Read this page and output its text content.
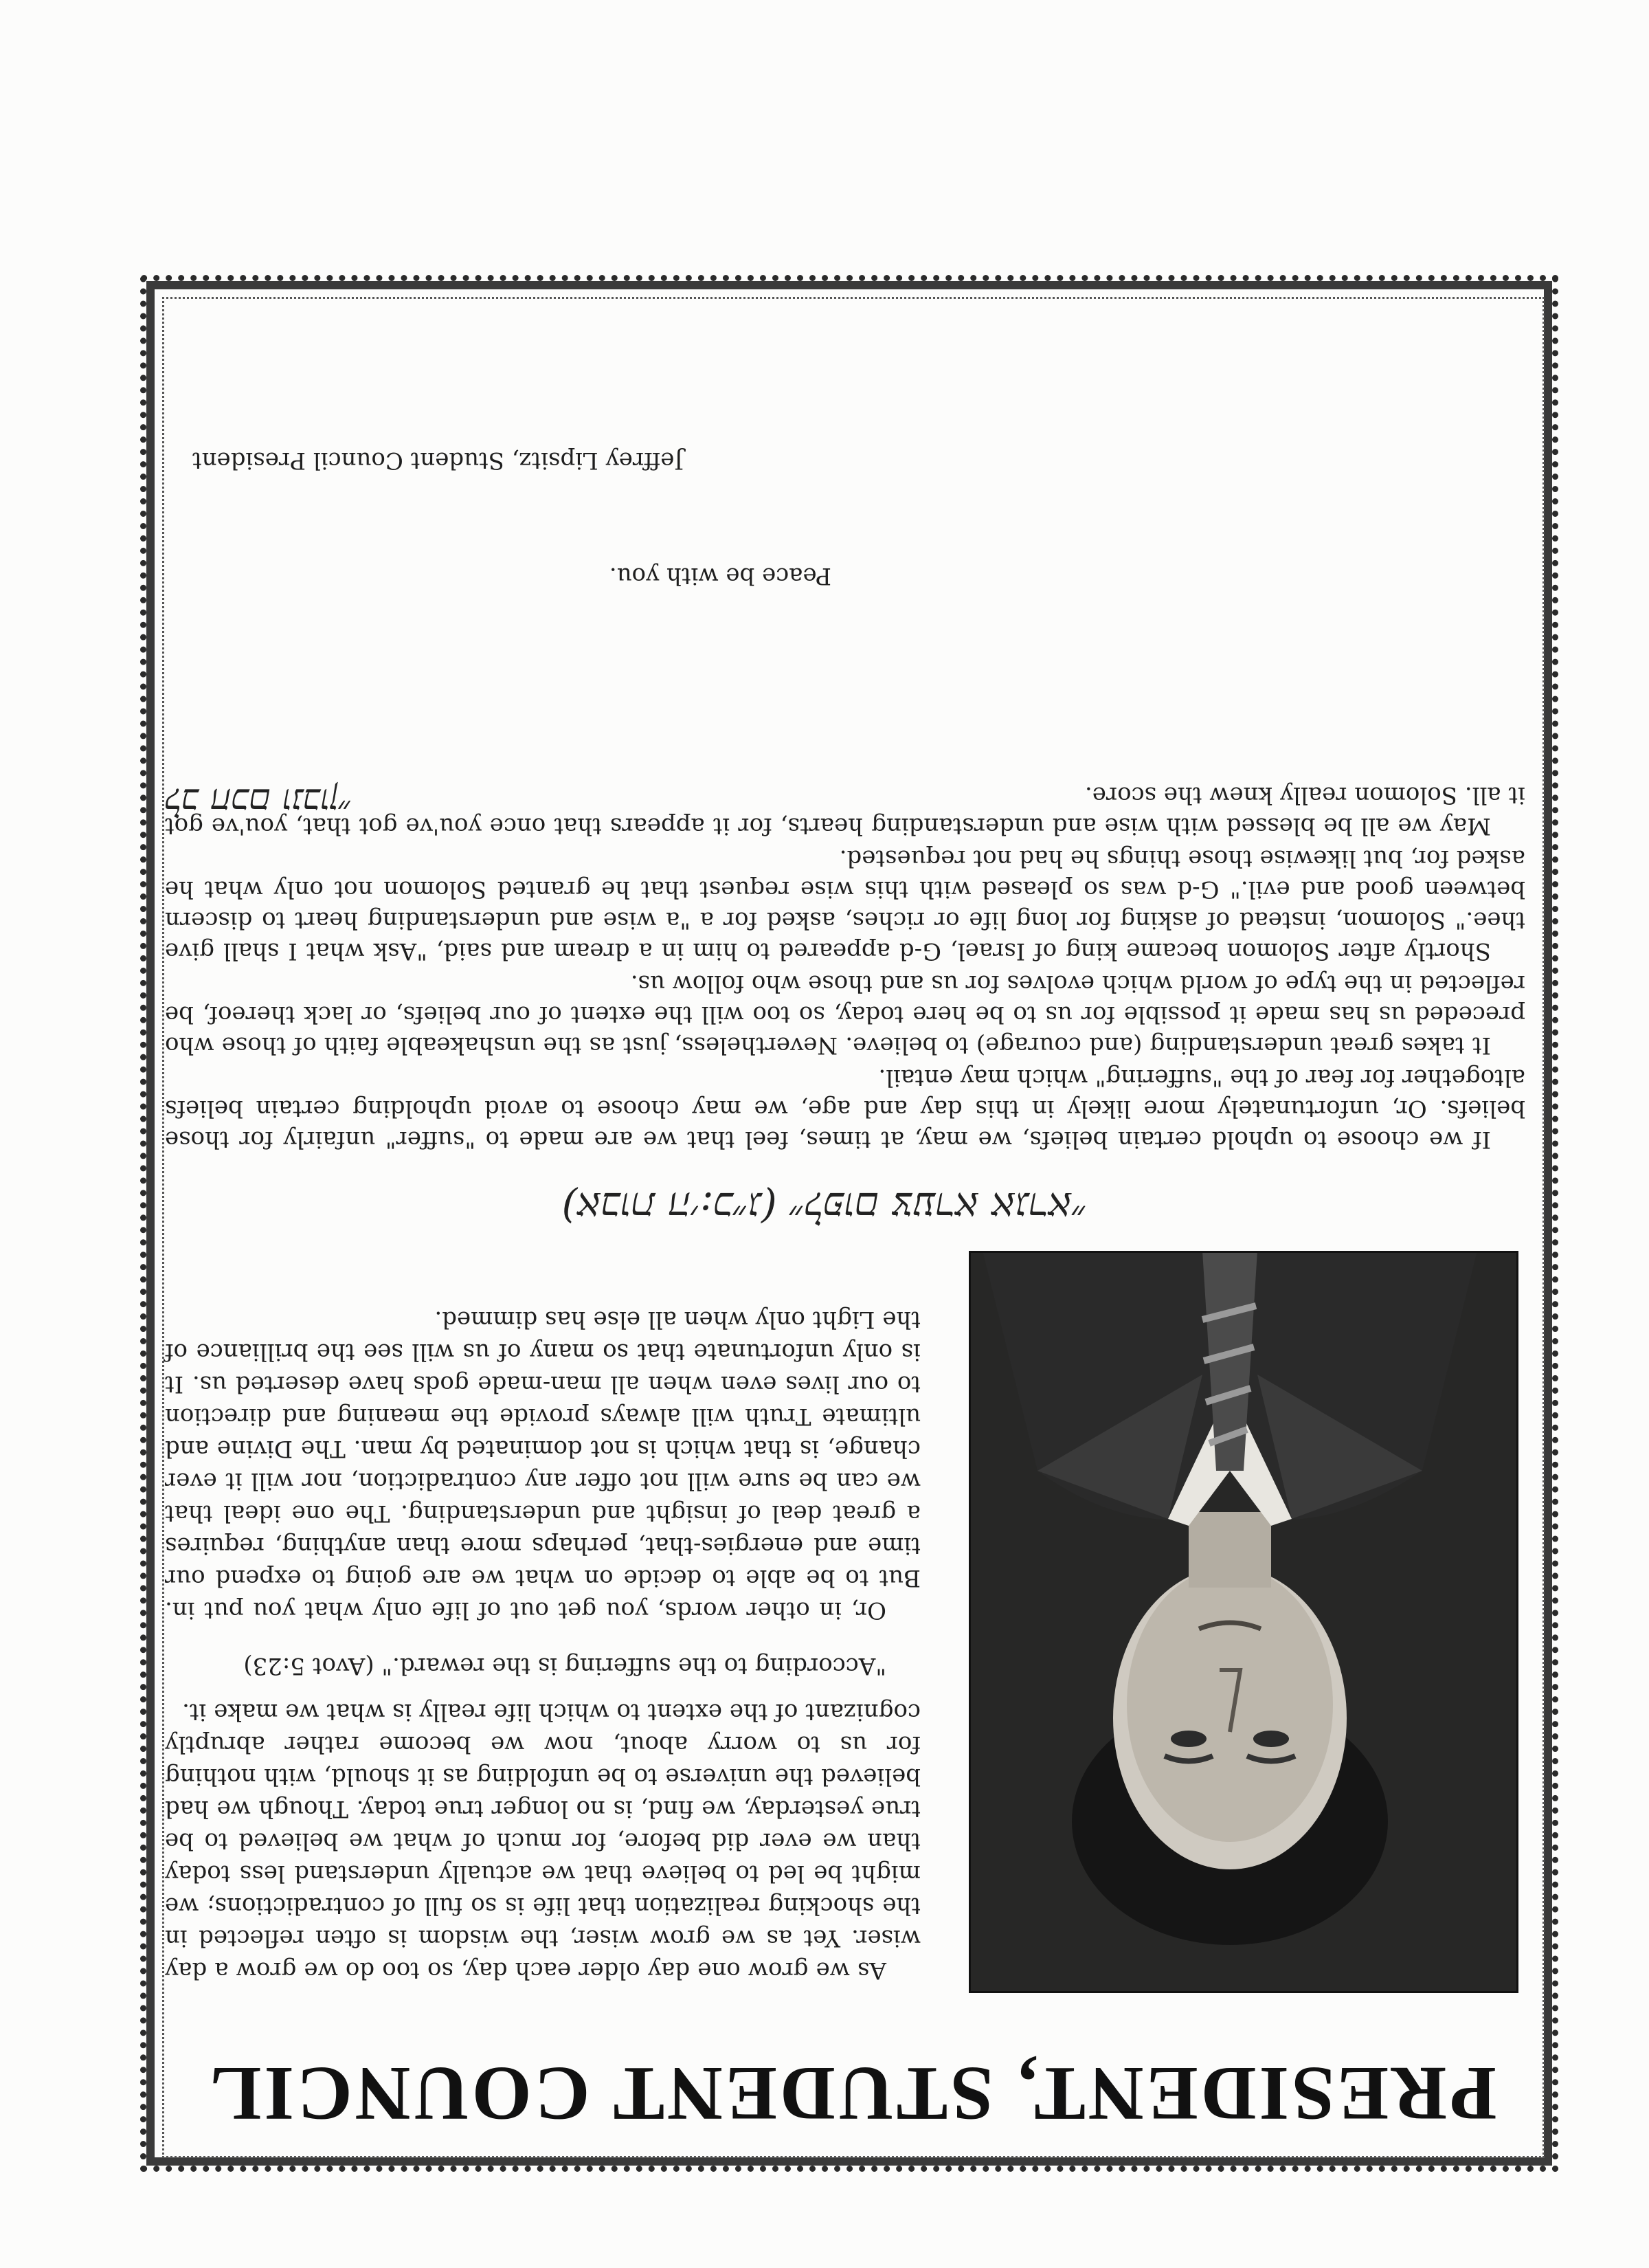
PRESIDENT, STUDENT COUNCIL

As we grow one day older each day, so too do we grow a day wiser. Yet as we grow wiser, the wisdom is often reflected in the shocking realization that life is so full of contradictions; we might be led to believe that we actually understand less today than we ever did before, for much of what we believed to be true yesterday, we find, is no longer true today. Though we had believed the universe to be unfolding as it should, with nothing for us to worry about, now we become rather abruptly cognizant of the extent to which life really is what we make it.

"According to the suffering is the reward." (Avot 5:23)

Or, in other words, you get out of life only what you put in. But to be able to decide on what we are going to expend our time and energies-that, perhaps more than anything, requires a great deal of insight and understanding. The one ideal that we can be sure will not offer any contradiction, nor will it ever change, is that which is not dominated by man. The Divine and ultimate Truth will always provide the meaning and direction to our lives even when all man-made gods have deserted us. It is only unfortunate that so many of us will see the brilliance of the Light only when all else has dimmed.

(אבות ה׳:כ״ג) ״לפום צערא אגרא״

If we choose to uphold certain beliefs, we may, at times, feel that we are made to "suffer" unfairly for those beliefs. Or, unfortunately more likely in this day and age, we may choose to avoid upholding certain beliefs altogether for fear of the "suffering" which may entail.

It takes great understanding (and courage) to believe. Nevertheless, just as the unshakeable faith of those who preceded us has made it possible for us to be here today, so too will the extent of our beliefs, or lack thereof, be reflected in the type of world which evolves for us and those who follow us.

Shortly after Solomon became king of Israel, G-d appeared to him in a dream and said, "Ask what I shall give thee." Solomon, instead of asking for long life or riches, asked for a "a wise and understanding heart to discern between good and evil." G-d was so pleased with this wise request that he granted Solomon not only what he asked for, but likewise those things he had not requested.

May we all be blessed with wise and understanding hearts, for it appears that once you've got that, you've got it all. Solomon really knew the score.

לב חכם ונבון״
Peace be with you.
Jeffrey Lipsitz, Student Council President
